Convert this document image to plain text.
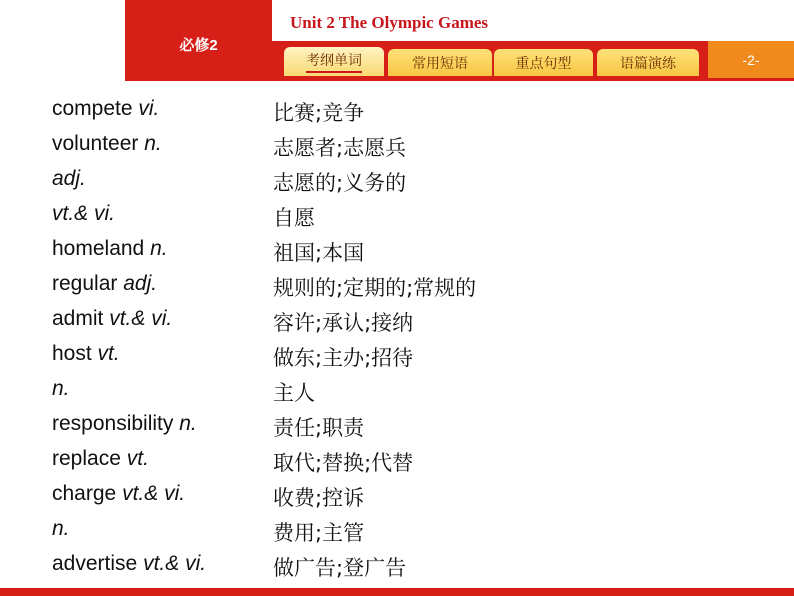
必修2
Unit 2 The Olympic Games
考纲单词	常用短语	重点句型	语篇演练	-2-
compete vi.	比赛;竞争
volunteer n.	志愿者;志愿兵
adj.	志愿的;义务的
vt.& vi.	自愿
homeland n.	祖国;本国
regular adj.	规则的;定期的;常规的
admit vt.& vi.	容许;承认;接纳
host vt.	做东;主办;招待
n.	主人
responsibility n.	责任;职责
replace vt.	取代;替换;代替
charge vt.& vi.	收费;控诉
n.	费用;主管
advertise vt.& vi.	做广告;登广告
